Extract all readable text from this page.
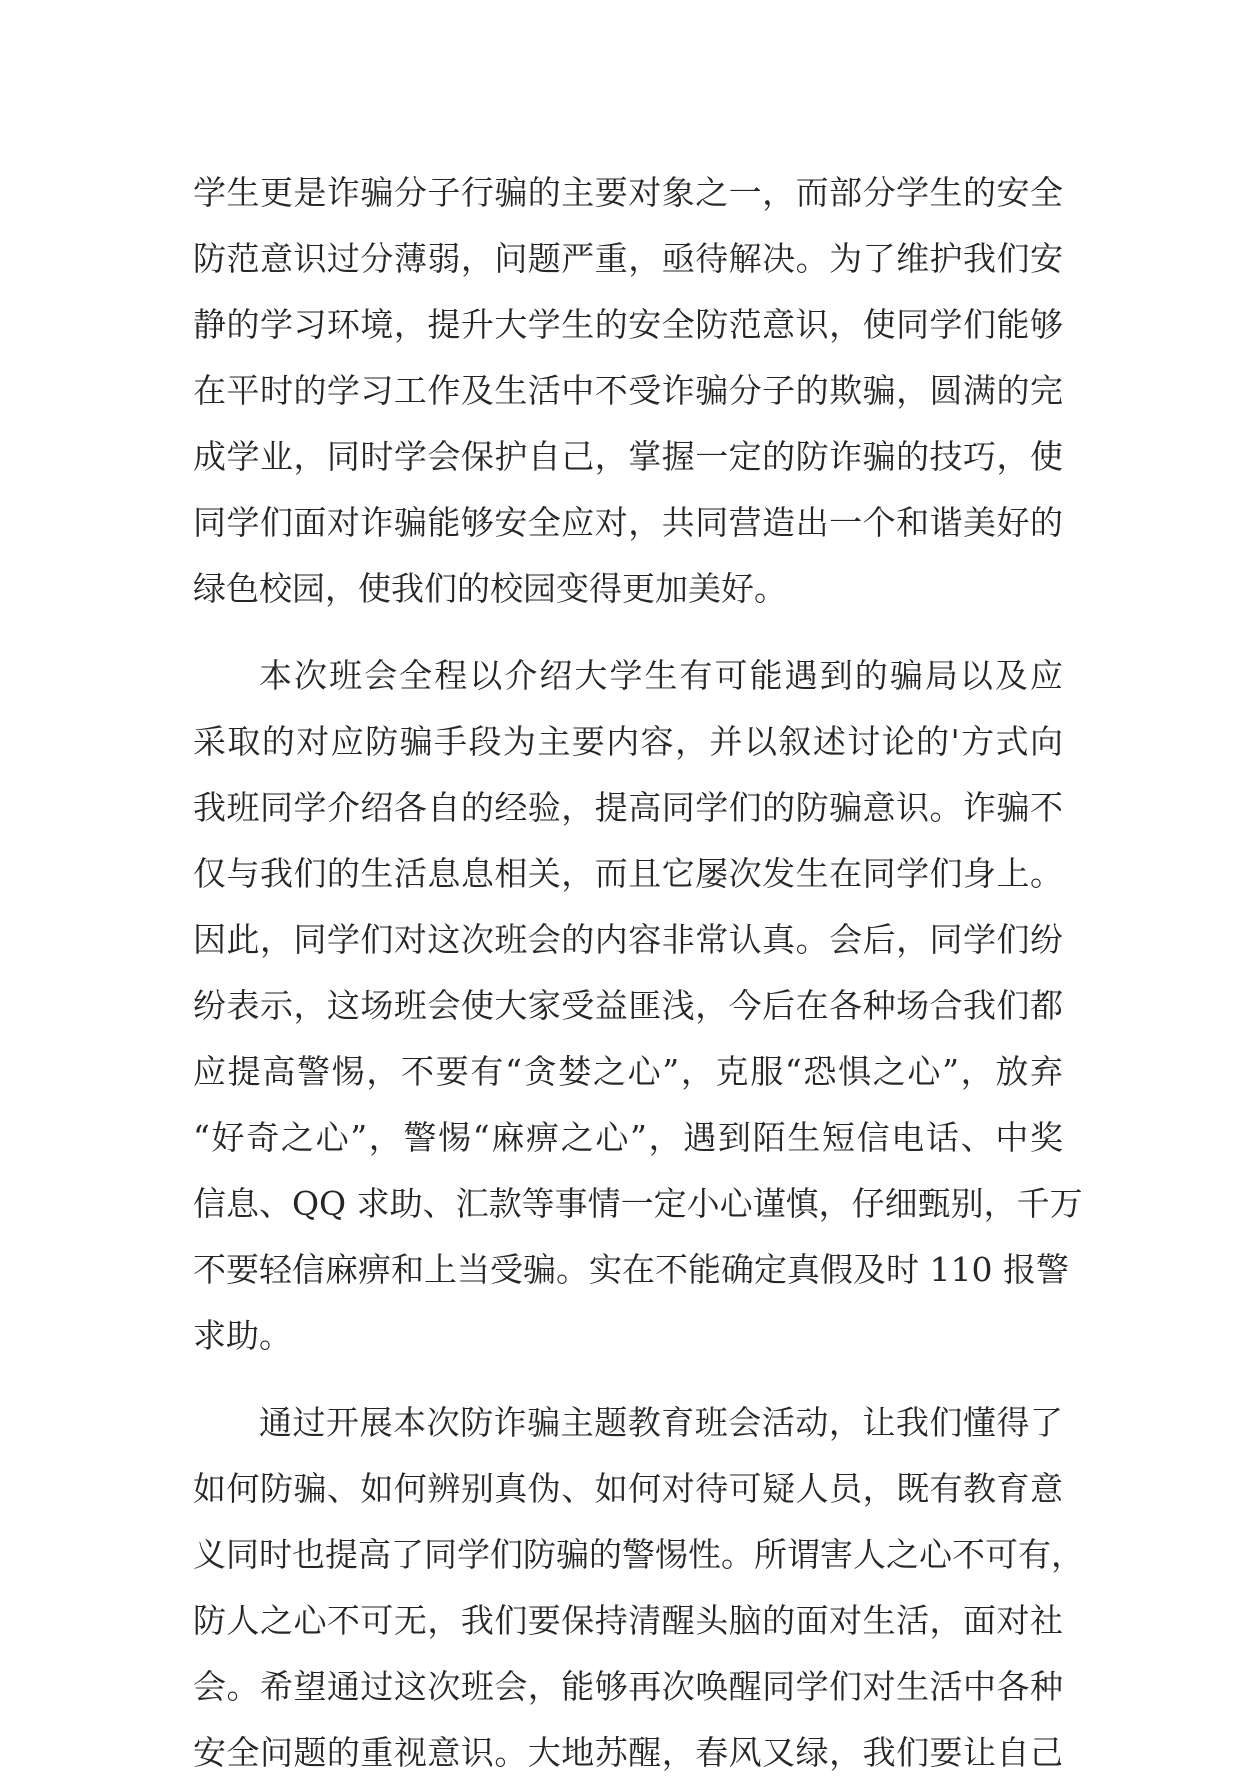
学生更是诈骗分子行骗的主要对象之一，而部分学生的安全
防范意识过分薄弱，问题严重，亟待解决。为了维护我们安
静的学习环境，提升大学生的安全防范意识，使同学们能够
在平时的学习工作及生活中不受诈骗分子的欺骗，圆满的完
成学业，同时学会保护自己，掌握一定的防诈骗的技巧，使
同学们面对诈骗能够安全应对，共同营造出一个和谐美好的
绿色校园，使我们的校园变得更加美好。
本次班会全程以介绍大学生有可能遇到的骗局以及应
采取的对应防骗手段为主要内容，并以叙述讨论的'方式向
我班同学介绍各自的经验，提高同学们的防骗意识。诈骗不
仅与我们的生活息息相关，而且它屡次发生在同学们身上。
因此，同学们对这次班会的内容非常认真。会后，同学们纷
纷表示，这场班会使大家受益匪浅，今后在各种场合我们都
应提高警惕，不要有“贪婪之心”，克服“恐惧之心”，放弃
“好奇之心”，警惕“麻痹之心”，遇到陌生短信电话、中奖
信息、QQ 求助、汇款等事情一定小心谨慎，仔细甄别，千万
不要轻信麻痹和上当受骗。实在不能确定真假及时 110 报警
求助。
通过开展本次防诈骗主题教育班会活动，让我们懂得了
如何防骗、如何辨别真伪、如何对待可疑人员，既有教育意
义同时也提高了同学们防骗的警惕性。所谓害人之心不可有，
防人之心不可无，我们要保持清醒头脑的面对生活，面对社
会。希望通过这次班会，能够再次唤醒同学们对生活中各种
安全问题的重视意识。大地苏醒，春风又绿，我们要让自己
